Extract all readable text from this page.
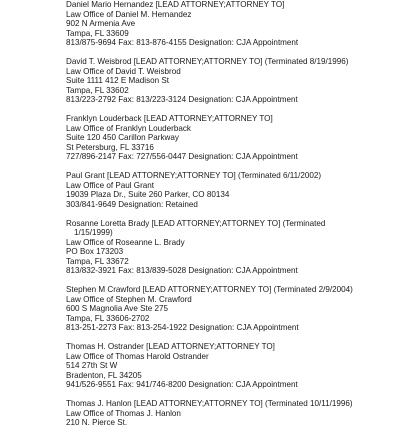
Daniel Mario Hernandez [LEAD ATTORNEY;ATTORNEY TO]
Law Office of Daniel M. Hernandez
902 N Armenia Ave
Tampa, FL 33609
813/875-9694 Fax: 813-876-4155 Designation: CJA Appointment
David T. Weisbrod [LEAD ATTORNEY;ATTORNEY TO] (Terminated 8/19/1996)
Law Office of David T. Weisbrod
Suite 1111 412 E Madison St
Tampa, FL 33602
813/223-2792 Fax: 813/223-3124 Designation: CJA Appointment
Franklyn Louderback [LEAD ATTORNEY;ATTORNEY TO]
Law Office of Franklyn Louderback
Suite 120 450 Carillon Parkway
St Petersburg, FL 33716
727/896-2147 Fax: 727/556-0447 Designation: CJA Appointment
Paul Grant [LEAD ATTORNEY;ATTORNEY TO] (Terminated 6/11/2002)
Law Office of Paul Grant
19039 Plaza Dr., Suite 260 Parker, CO 80134
303/841-9649 Designation: Retained
Rosanne Loretta Brady [LEAD ATTORNEY;ATTORNEY TO] (Terminated
1/15/1999)
Law Office of Roseanne L. Brady
PO Box 173203
Tampa, FL 33672
813/832-3921 Fax: 813/839-5028 Designation: CJA Appointment
Stephen M Crawford [LEAD ATTORNEY;ATTORNEY TO] (Terminated 2/9/2004)
Law Office of Stephen M. Crawford
600 S Magnolia Ave Ste 275
Tampa, FL 33606-2702
813-251-2273 Fax: 813-254-1922 Designation: CJA Appointment
Thomas H. Ostrander [LEAD ATTORNEY;ATTORNEY TO]
Law Office of Thomas Harold Ostrander
514 27th St W
Bradenton, FL 34205
941/526-9551 Fax: 941/746-8200 Designation: CJA Appointment
Thomas J. Hanlon [LEAD ATTORNEY;ATTORNEY TO] (Terminated 10/11/1996)
Law Office of Thomas J. Hanlon
210 N. Pierce St.
